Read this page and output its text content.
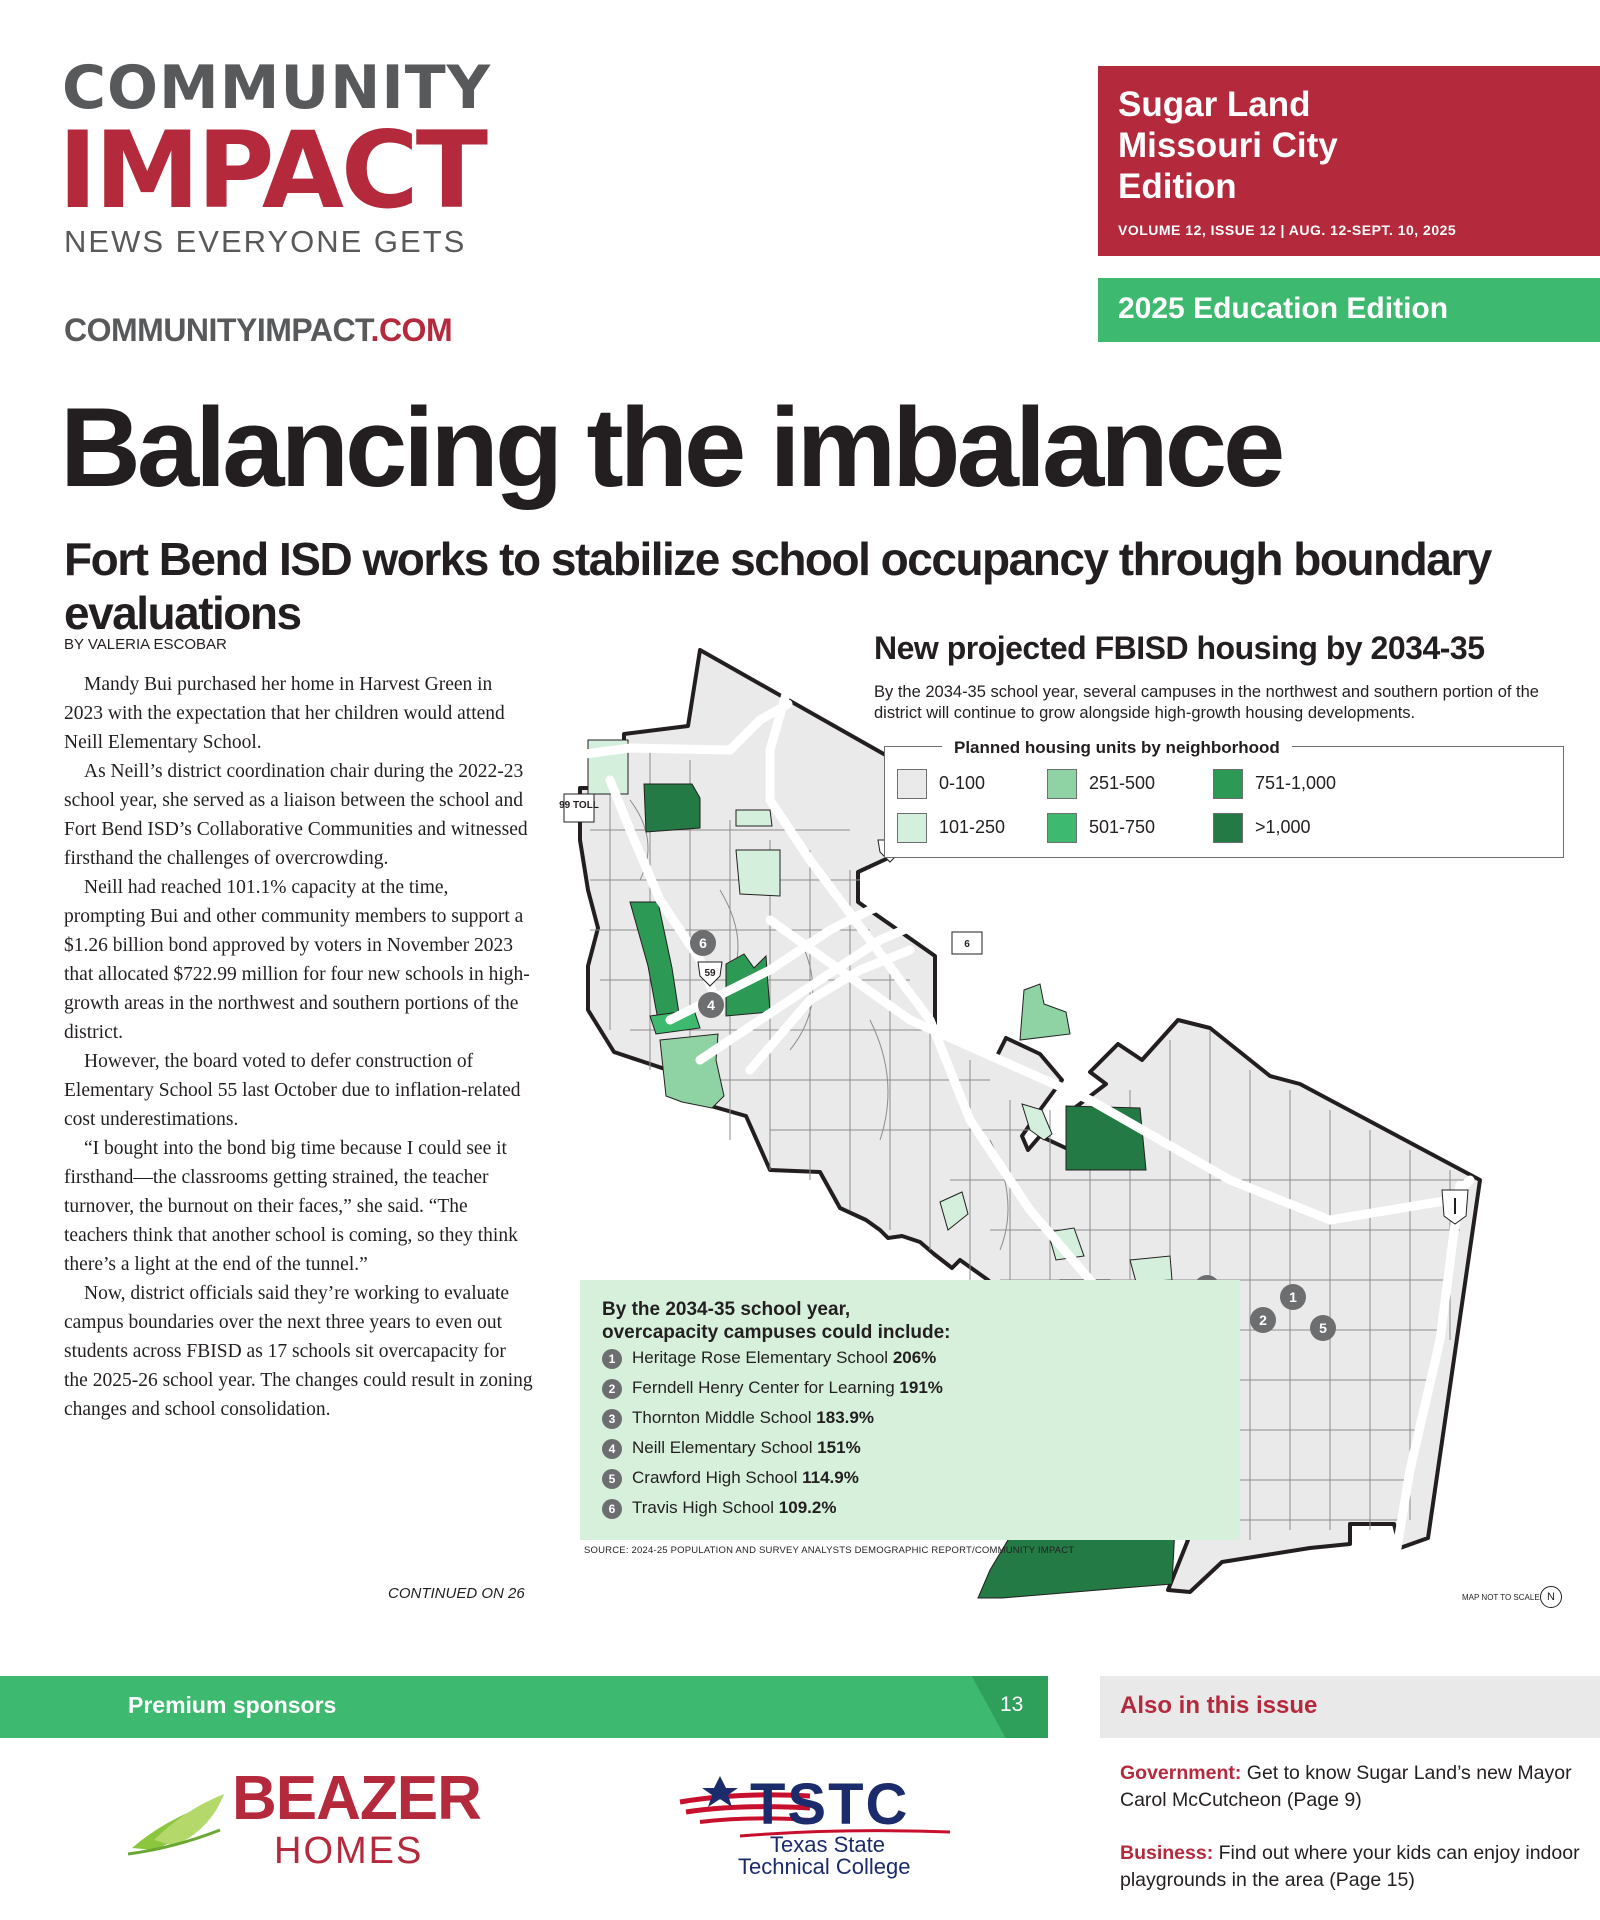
COMMUNITY
IMPACT
NEWS EVERYONE GETS
COMMUNITYIMPACT.COM
Sugar Land
Missouri City
Edition
VOLUME 12, ISSUE 12 | AUG. 12-SEPT. 10, 2025
2025 Education Edition
Balancing the imbalance
Fort Bend ISD works to stabilize school occupancy through boundary evaluations
BY VALERIA ESCOBAR

Mandy Bui purchased her home in Harvest Green in 2023 with the expectation that her children would attend Neill Elementary School.

As Neill’s district coordination chair during the 2022-23 school year, she served as a liaison between the school and Fort Bend ISD’s Collaborative Communities and witnessed firsthand the challenges of overcrowding.

Neill had reached 101.1% capacity at the time, prompting Bui and other community members to support a $1.26 billion bond approved by voters in November 2023 that allocated $722.99 million for four new schools in high-growth areas in the northwest and southern portions of the district.

However, the board voted to defer construction of Elementary School 55 last October due to inflation-related cost underestimations.

“I bought into the bond big time because I could see it firsthand—the classrooms getting strained, the teacher turnover, the burnout on their faces,” she said. “The teachers think that another school is coming, so they think there’s a light at the end of the tunnel.”

Now, district officials said they’re working to evaluate campus boundaries over the next three years to even out students across FBISD as 17 schools sit overcapacity for the 2025-26 school year. The changes could result in zoning changes and school consolidation.

CONTINUED ON 26
99 TOLL
6
59
6
4
1
2	5
New projected FBISD housing by 2034-35
By the 2034-35 school year, several campuses in the northwest and southern portion of the district will continue to grow alongside high-growth housing developments.
0-100
101-250
251-500
501-750
751-1,000
>1,000
Planned housing units by neighborhood
By the 2034-35 school year,
overcapacity campuses could include:
1 Heritage Rose Elementary School 206%
2 Ferndell Henry Center for Learning 191%
3 Thornton Middle School 183.9%
4 Neill Elementary School 151%
5 Crawford High School 114.9%
6 Travis High School 109.2%
SOURCE: 2024-25 POPULATION AND SURVEY ANALYSTS DEMOGRAPHIC REPORT/COMMUNITY IMPACT
MAP NOT TO SCALE N
Premium sponsors	13	Also in this issue
Government: Get to know Sugar Land’s new Mayor Carol McCutcheon (Page 9)
Business: Find out where your kids can enjoy indoor playgrounds in the area (Page 15)
BEAZER
HOMES
TSTC
Texas State
Technical College
